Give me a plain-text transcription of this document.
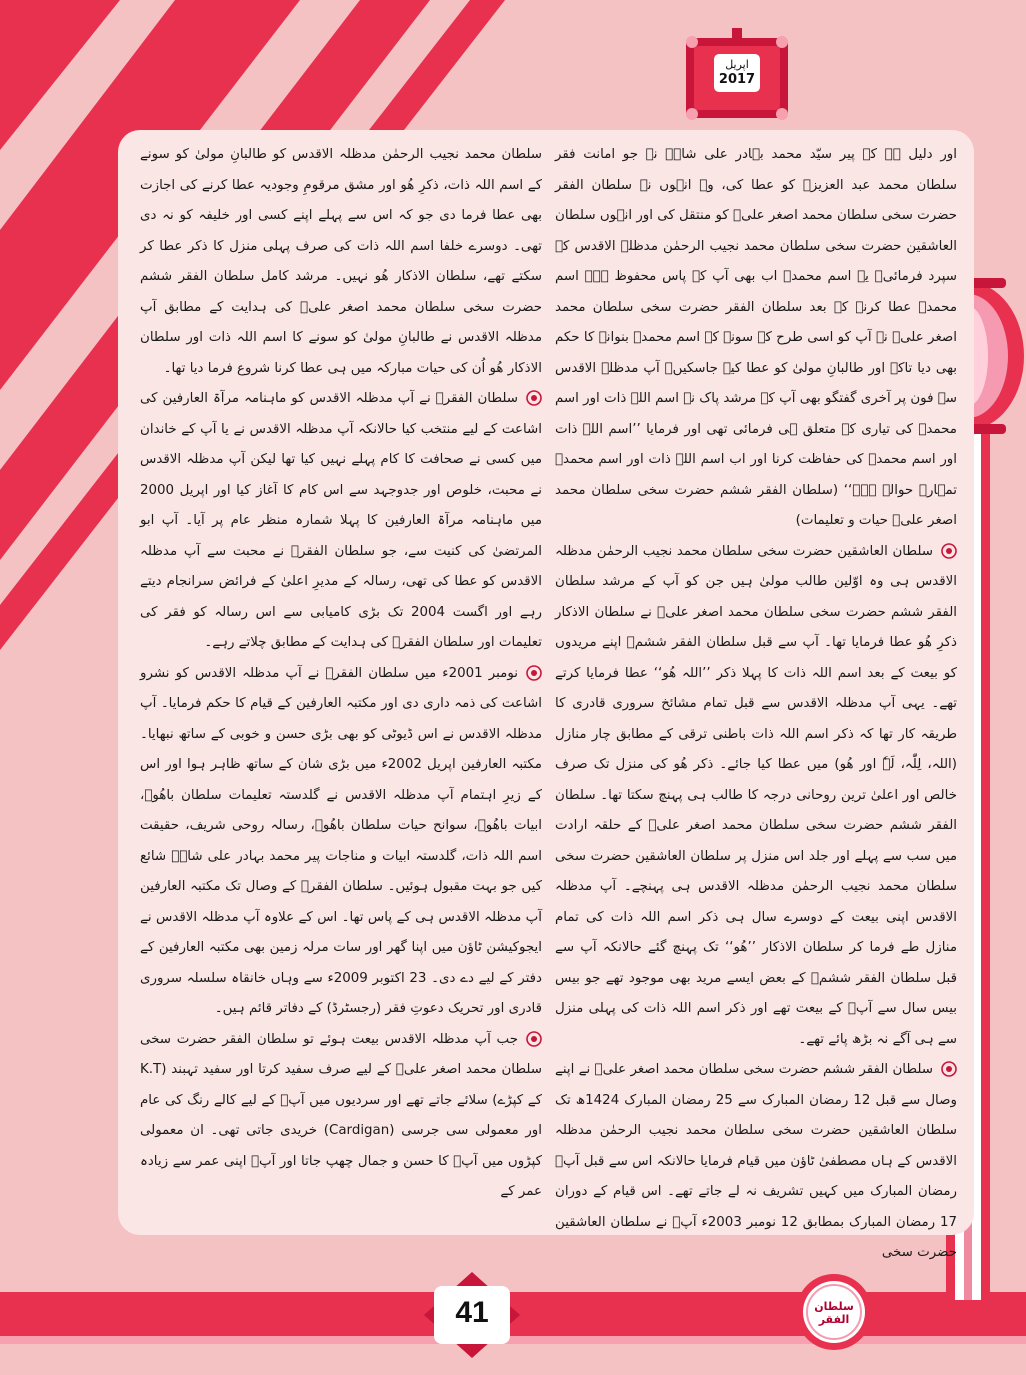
اپریل
2017

اور دلیل ہے کہ پیر سیّد محمد بہادر علی شاہؒ نے جو امانت فقر سلطان محمد عبد العزیزؒ کو عطا کی، وہ انہوں نے سلطان الفقر حضرت سخی سلطان محمد اصغر علیؒ کو منتقل کی اور انہوں سلطان العاشقین حضرت سخی سلطان محمد نجیب الرحمٰن مدظلہ الاقدس کے سپرد فرمائی۔ یہ اسم محمدؐ اب بھی آپ کے پاس محفوظ ہے۔ اسم محمدؐ عطا کرنے کے بعد سلطان الفقر حضرت سخی سلطان محمد اصغر علیؒ نے آپ کو اسی طرح کے سونے کے اسم محمدؐ بنوانے کا حکم بھی دیا تاکہ اور طالبانِ مولیٰ کو عطا کیے جاسکیں۔ آپ مدظلہ الاقدس سے فون پر آخری گفتگو بھی آپ کے مرشد پاک نے اسم اللہ ذات اور اسم محمدؐ کی تیاری کے متعلق ہی فرمائی تھی اور فرمایا ’’اسم اللہ ذات اور اسم محمدؐ کی حفاظت کرنا اور اب اسم اللہ ذات اور اسم محمدؐ تمہارے حوالے ہے۔‘‘ (سلطان الفقر ششم حضرت سخی سلطان محمد اصغر علیؒ حیات و تعلیمات)

سلطان العاشقین حضرت سخی سلطان محمد نجیب الرحمٰن مدظلہ الاقدس ہی وہ اوّلین طالب مولیٰ ہیں جن کو آپ کے مرشد سلطان الفقر ششم حضرت سخی سلطان محمد اصغر علیؒ نے سلطان الاذکار ذکرِ ھُو عطا فرمایا تھا۔ آپ سے قبل سلطان الفقر ششمؒ اپنے مریدوں کو بیعت کے بعد اسم اللہ ذات کا پہلا ذکر ’’اللہ ھُو‘‘ عطا فرمایا کرتے تھے۔ یہی آپ مدظلہ الاقدس سے قبل تمام مشائخ سروری قادری کا طریقہ کار تھا کہ ذکر اسم اللہ ذات باطنی ترقی کے مطابق چار منازل (اللہ، لِلّٰہ، لَہٗ اور ھُو) میں عطا کیا جائے۔ ذکر ھُو کی منزل تک صرف خالص اور اعلیٰ ترین روحانی درجہ کا طالب ہی پہنچ سکتا تھا۔ سلطان الفقر ششم حضرت سخی سلطان محمد اصغر علیؒ کے حلقہ ارادت میں سب سے پہلے اور جلد اس منزل پر سلطان العاشقین حضرت سخی سلطان محمد نجیب الرحمٰن مدظلہ الاقدس ہی پہنچے۔ آپ مدظلہ الاقدس اپنی بیعت کے دوسرے سال ہی ذکر اسم اللہ ذات کی تمام منازل طے فرما کر سلطان الاذکار ’’ھُو‘‘ تک پہنچ گئے حالانکہ آپ سے قبل سلطان الفقر ششمؒ کے بعض ایسے مرید بھی موجود تھے جو بیس بیس سال سے آپؒ کے بیعت تھے اور ذکر اسم اللہ ذات کی پہلی منزل سے ہی آگے نہ بڑھ پائے تھے۔

سلطان الفقر ششم حضرت سخی سلطان محمد اصغر علیؒ نے اپنے وصال سے قبل 12 رمضان المبارک سے 25 رمضان المبارک 1424ھ تک سلطان العاشقین حضرت سخی سلطان محمد نجیب الرحمٰن مدظلہ الاقدس کے ہاں مصطفیٰ ٹاؤن میں قیام فرمایا حالانکہ اس سے قبل آپؒ رمضان المبارک میں کہیں تشریف نہ لے جاتے تھے۔ اس قیام کے دوران 17 رمضان المبارک بمطابق 12 نومبر 2003ء آپؒ نے سلطان العاشقین حضرت سخی

سلطان محمد نجیب الرحمٰن مدظلہ الاقدس کو طالبانِ مولیٰ کو سونے کے اسم اللہ ذات، ذکرِ ھُو اور مشق مرقومِ وجودیہ عطا کرنے کی اجازت بھی عطا فرما دی جو کہ اس سے پہلے اپنے کسی اور خلیفہ کو نہ دی تھی۔ دوسرے خلفا اسم اللہ ذات کی صرف پہلی منزل کا ذکر عطا کر سکتے تھے، سلطان الاذکار ھُو نہیں۔ مرشد کامل سلطان الفقر ششم حضرت سخی سلطان محمد اصغر علیؒ کی ہدایت کے مطابق آپ مدظلہ الاقدس نے طالبانِ مولیٰ کو سونے کا اسم اللہ ذات اور سلطان الاذکار ھُو اُن کی حیات مبارکہ میں ہی عطا کرنا شروع فرما دیا تھا۔

سلطان الفقرؒ نے آپ مدظلہ الاقدس کو ماہنامہ مرآۃ العارفین کی اشاعت کے لیے منتخب کیا حالانکہ آپ مدظلہ الاقدس نے یا آپ کے خاندان میں کسی نے صحافت کا کام پہلے نہیں کیا تھا لیکن آپ مدظلہ الاقدس نے محبت، خلوص اور جدوجہد سے اس کام کا آغاز کیا اور اپریل 2000 میں ماہنامہ مرآۃ العارفین کا پہلا شمارہ منظر عام پر آیا۔ آپ ابو المرتضیٰ کی کنیت سے، جو سلطان الفقرؒ نے محبت سے آپ مدظلہ الاقدس کو عطا کی تھی، رسالہ کے مدیرِ اعلیٰ کے فرائض سرانجام دیتے رہے اور اگست 2004 تک بڑی کامیابی سے اس رسالہ کو فقر کی تعلیمات اور سلطان الفقرؒ کی ہدایت کے مطابق چلاتے رہے۔

نومبر 2001ء میں سلطان الفقرؒ نے آپ مدظلہ الاقدس کو نشرو اشاعت کی ذمہ داری دی اور مکتبہ العارفین کے قیام کا حکم فرمایا۔ آپ مدظلہ الاقدس نے اس ڈیوٹی کو بھی بڑی حسن و خوبی کے ساتھ نبھایا۔ مکتبہ العارفین اپریل 2002ء میں بڑی شان کے ساتھ ظاہر ہوا اور اس کے زیرِ اہتمام آپ مدظلہ الاقدس نے گلدستہ تعلیمات سلطان باھُوؒ، ابیات باھُوؒ، سوانح حیات سلطان باھُوؒ، رسالہ روحی شریف، حقیقت اسم اللہ ذات، گلدستہ ابیات و مناجات پیر محمد بہادر علی شاہؒ شائع کیں جو بہت مقبول ہوئیں۔ سلطان الفقرؒ کے وصال تک مکتبہ العارفین آپ مدظلہ الاقدس ہی کے پاس تھا۔ اس کے علاوہ آپ مدظلہ الاقدس نے ایجوکیشن ٹاؤن میں اپنا گھر اور سات مرلہ زمین بھی مکتبہ العارفین کے دفتر کے لیے دے دی۔ 23 اکتوبر 2009ء سے وہاں خانقاہ سلسلہ سروری قادری اور تحریک دعوتِ فقر (رجسٹرڈ) کے دفاتر قائم ہیں۔

جب آپ مدظلہ الاقدس بیعت ہوئے تو سلطان الفقر حضرت سخی سلطان محمد اصغر علیؒ کے لیے صرف سفید کرتا اور سفید تہبند (K.T کے کپڑے) سلائے جاتے تھے اور سردیوں میں آپؒ کے لیے کالے رنگ کی عام اور معمولی سی جرسی (Cardigan) خریدی جاتی تھی۔ ان معمولی کپڑوں میں آپؒ کا حسن و جمال چھپ جاتا اور آپؒ اپنی عمر سے زیادہ عمر کے

41	سلطان الفقر
